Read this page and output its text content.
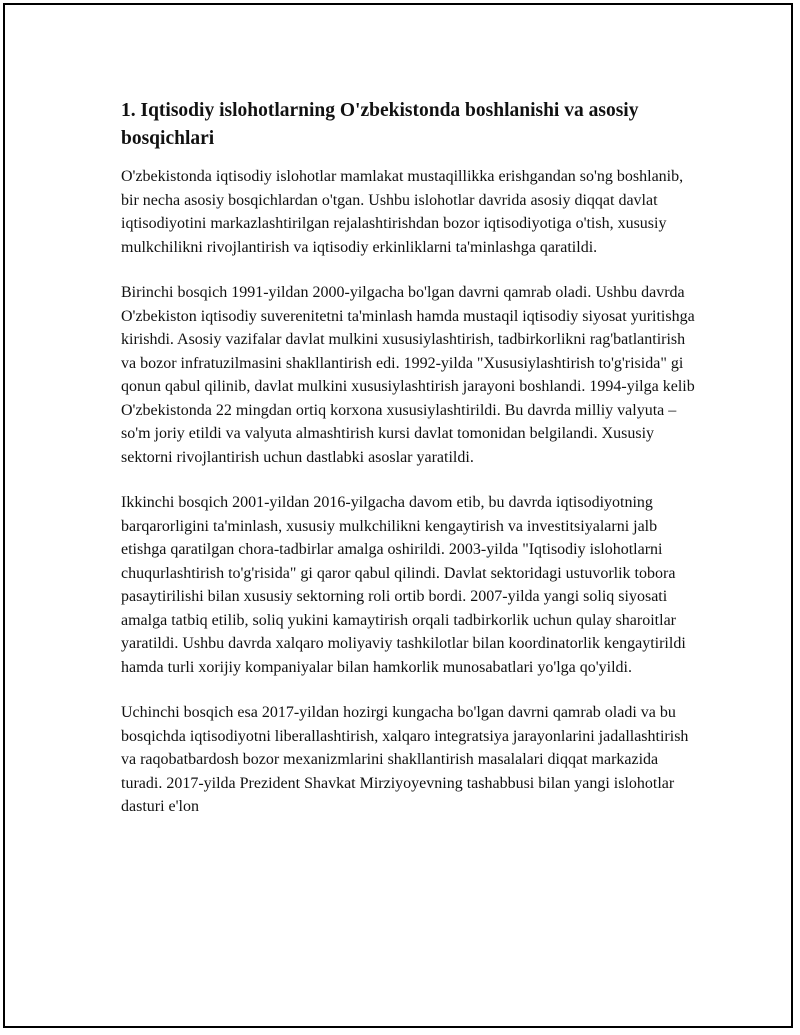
1. Iqtisodiy islohotlarning O'zbekistonda boshlanishi va asosiy bosqichlari

O'zbekistonda iqtisodiy islohotlar mamlakat mustaqillikka erishgandan so'ng boshlanib, bir necha asosiy bosqichlardan o'tgan. Ushbu islohotlar davrida asosiy diqqat davlat iqtisodiyotini markazlashtirilgan rejalashtirishdan bozor iqtisodiyotiga o'tish, xususiy mulkchilikni rivojlantirish va iqtisodiy erkinliklarni ta'minlashga qaratildi.

Birinchi bosqich 1991-yildan 2000-yilgacha bo'lgan davrni qamrab oladi. Ushbu davrda O'zbekiston iqtisodiy suverenitetni ta'minlash hamda mustaqil iqtisodiy siyosat yuritishga kirishdi. Asosiy vazifalar davlat mulkini xususiylashtirish, tadbirkorlikni rag'batlantirish va bozor infratuzilmasini shakllantirish edi. 1992-yilda "Xususiylashtirish to'g'risida" gi qonun qabul qilinib, davlat mulkini xususiylashtirish jarayoni boshlandi. 1994-yilga kelib O'zbekistonda 22 mingdan ortiq korxona xususiylashtirildi. Bu davrda milliy valyuta – so'm joriy etildi va valyuta almashtirish kursi davlat tomonidan belgilandi. Xususiy sektorni rivojlantirish uchun dastlabki asoslar yaratildi.

Ikkinchi bosqich 2001-yildan 2016-yilgacha davom etib, bu davrda iqtisodiyotning barqarorligini ta'minlash, xususiy mulkchilikni kengaytirish va investitsiyalarni jalb etishga qaratilgan chora-tadbirlar amalga oshirildi. 2003-yilda "Iqtisodiy islohotlarni chuqurlashtirish to'g'risida" gi qaror qabul qilindi. Davlat sektoridagi ustuvorlik tobora pasaytirilishi bilan xususiy sektorning roli ortib bordi. 2007-yilda yangi soliq siyosati amalga tatbiq etilib, soliq yukini kamaytirish orqali tadbirkorlik uchun qulay sharoitlar yaratildi. Ushbu davrda xalqaro moliyaviy tashkilotlar bilan koordinatorlik kengaytirildi hamda turli xorijiy kompaniyalar bilan hamkorlik munosabatlari yo'lga qo'yildi.

Uchinchi bosqich esa 2017-yildan hozirgi kungacha bo'lgan davrni qamrab oladi va bu bosqichda iqtisodiyotni liberallashtirish, xalqaro integratsiya jarayonlarini jadallashtirish va raqobatbardosh bozor mexanizmlarini shakllantirish masalalari diqqat markazida turadi. 2017-yilda Prezident Shavkat Mirziyoyevning tashabbusi bilan yangi islohotlar dasturi e'lon
